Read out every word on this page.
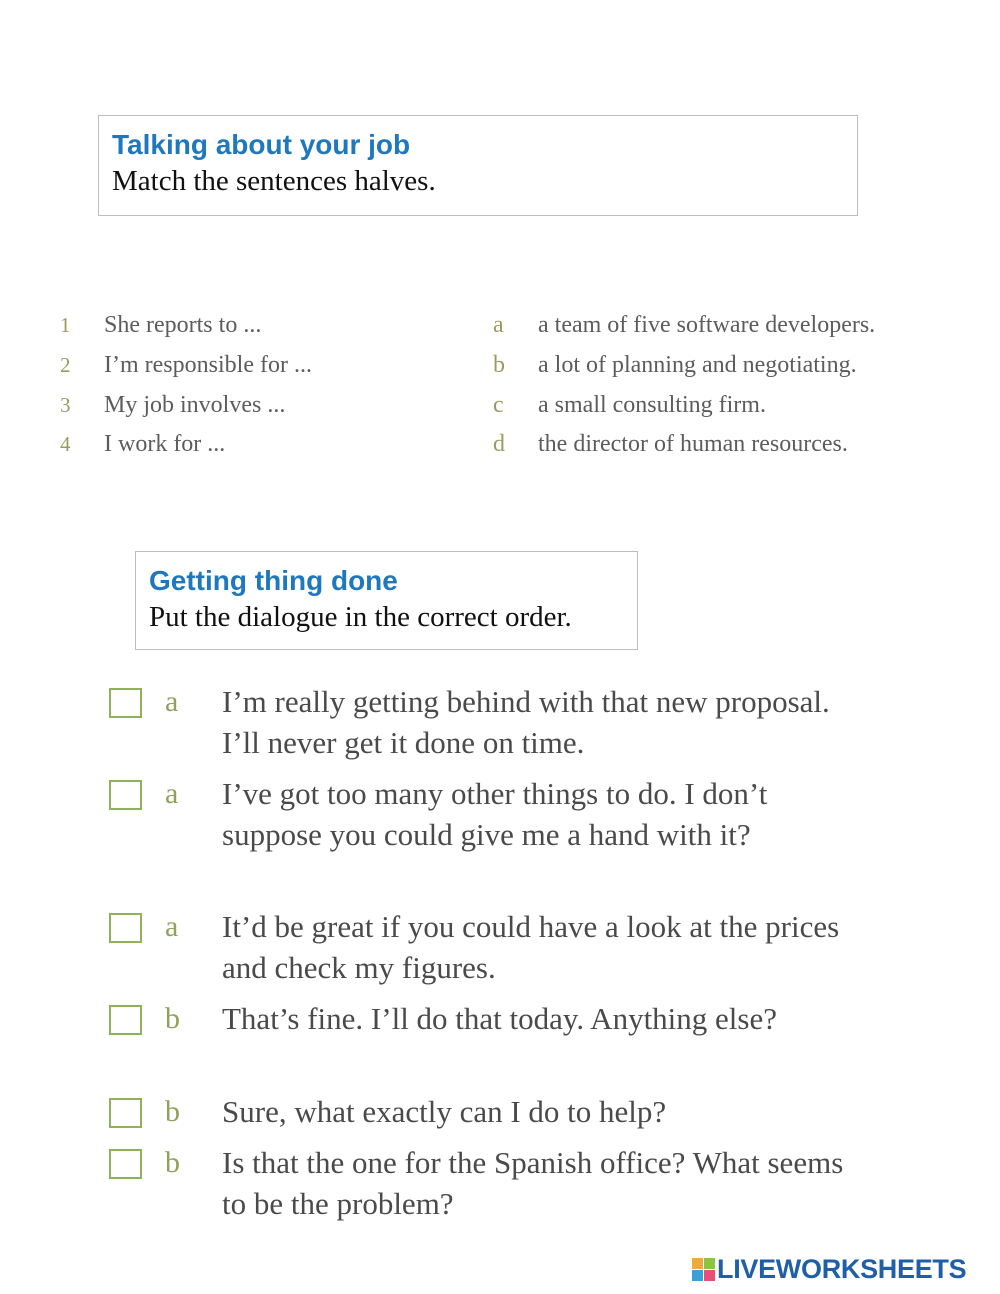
Talking about your job
Match the sentences halves.
1 She reports to ...	a a team of five software developers.
2 I’m responsible for ...	b a lot of planning and negotiating.
3 My job involves ...	c a small consulting firm.
4 I work for ...	d the director of human resources.
Getting thing done
Put the dialogue in the correct order.
a I’m really getting behind with that new proposal. I’ll never get it done on time.
a I’ve got too many other things to do. I don’t suppose you could give me a hand with it?
a It’d be great if you could have a look at the prices and check my figures.
b That’s fine. I’ll do that today. Anything else?
b Sure, what exactly can I do to help?
b Is that the one for the Spanish office? What seems to be the problem?
LIVEWORKSHEETS
